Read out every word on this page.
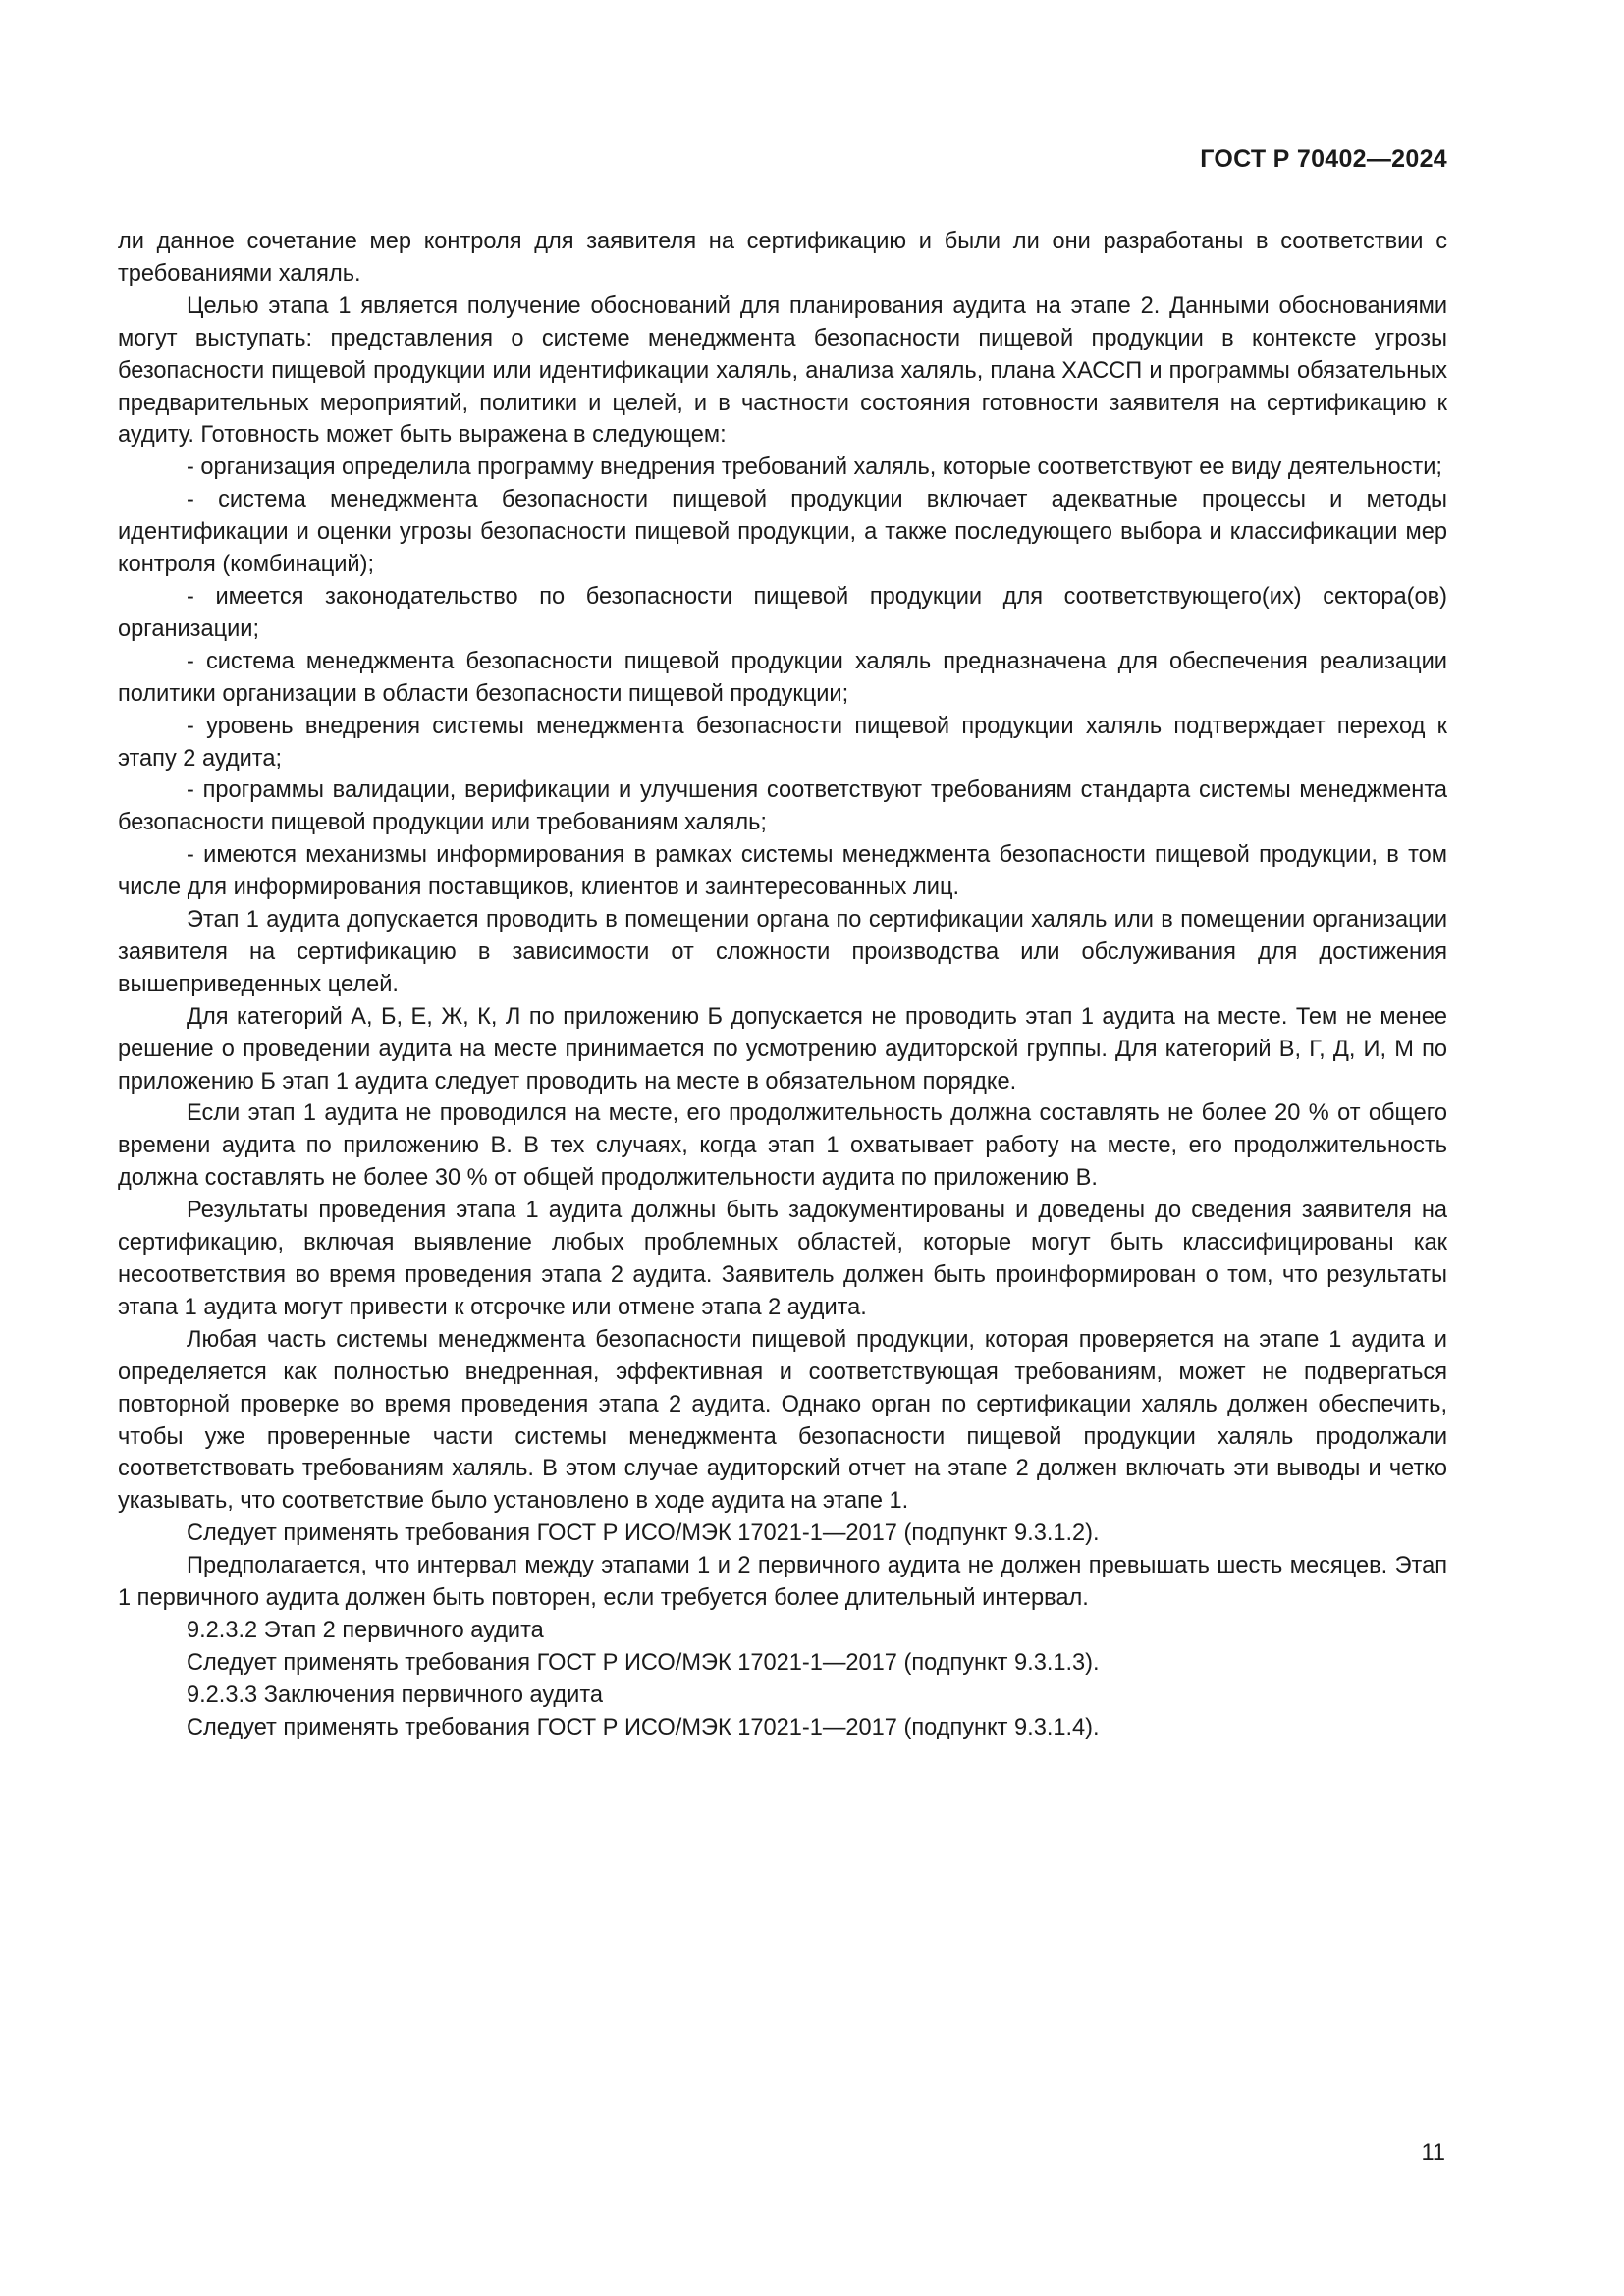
ГОСТ Р 70402—2024

ли данное сочетание мер контроля для заявителя на сертификацию и были ли они разработаны в соответствии с требованиями халяль.

Целью этапа 1 является получение обоснований для планирования аудита на этапе 2. Данными обоснованиями могут выступать: представления о системе менеджмента безопасности пищевой продукции в контексте угрозы безопасности пищевой продукции или идентификации халяль, анализа халяль, плана ХАССП и программы обязательных предварительных мероприятий, политики и целей, и в частности состояния готовности заявителя на сертификацию к аудиту. Готовность может быть выражена в следующем:

- организация определила программу внедрения требований халяль, которые соответствуют ее виду деятельности;

- система менеджмента безопасности пищевой продукции включает адекватные процессы и методы идентификации и оценки угрозы безопасности пищевой продукции, а также последующего выбора и классификации мер контроля (комбинаций);

- имеется законодательство по безопасности пищевой продукции для соответствующего(их) сектора(ов) организации;

- система менеджмента безопасности пищевой продукции халяль предназначена для обеспечения реализации политики организации в области безопасности пищевой продукции;

- уровень внедрения системы менеджмента безопасности пищевой продукции халяль подтверждает переход к этапу 2 аудита;

- программы валидации, верификации и улучшения соответствуют требованиям стандарта системы менеджмента безопасности пищевой продукции или требованиям халяль;

- имеются механизмы информирования в рамках системы менеджмента безопасности пищевой продукции, в том числе для информирования поставщиков, клиентов и заинтересованных лиц.

Этап 1 аудита допускается проводить в помещении органа по сертификации халяль или в помещении организации заявителя на сертификацию в зависимости от сложности производства или обслуживания для достижения вышеприведенных целей.

Для категорий А, Б, Е, Ж, К, Л по приложению Б допускается не проводить этап 1 аудита на месте. Тем не менее решение о проведении аудита на месте принимается по усмотрению аудиторской группы. Для категорий В, Г, Д, И, М по приложению Б этап 1 аудита следует проводить на месте в обязательном порядке.

Если этап 1 аудита не проводился на месте, его продолжительность должна составлять не более 20 % от общего времени аудита по приложению В. В тех случаях, когда этап 1 охватывает работу на месте, его продолжительность должна составлять не более 30 % от общей продолжительности аудита по приложению В.

Результаты проведения этапа 1 аудита должны быть задокументированы и доведены до сведения заявителя на сертификацию, включая выявление любых проблемных областей, которые могут быть классифицированы как несоответствия во время проведения этапа 2 аудита. Заявитель должен быть проинформирован о том, что результаты этапа 1 аудита могут привести к отсрочке или отмене этапа 2 аудита.

Любая часть системы менеджмента безопасности пищевой продукции, которая проверяется на этапе 1 аудита и определяется как полностью внедренная, эффективная и соответствующая требованиям, может не подвергаться повторной проверке во время проведения этапа 2 аудита. Однако орган по сертификации халяль должен обеспечить, чтобы уже проверенные части системы менеджмента безопасности пищевой продукции халяль продолжали соответствовать требованиям халяль. В этом случае аудиторский отчет на этапе 2 должен включать эти выводы и четко указывать, что соответствие было установлено в ходе аудита на этапе 1.

Следует применять требования ГОСТ Р ИСО/МЭК 17021-1—2017 (подпункт 9.3.1.2).

Предполагается, что интервал между этапами 1 и 2 первичного аудита не должен превышать шесть месяцев. Этап 1 первичного аудита должен быть повторен, если требуется более длительный интервал.

9.2.3.2 Этап 2 первичного аудита

Следует применять требования ГОСТ Р ИСО/МЭК 17021-1—2017 (подпункт 9.3.1.3).

9.2.3.3 Заключения первичного аудита

Следует применять требования ГОСТ Р ИСО/МЭК 17021-1—2017 (подпункт 9.3.1.4).

11
